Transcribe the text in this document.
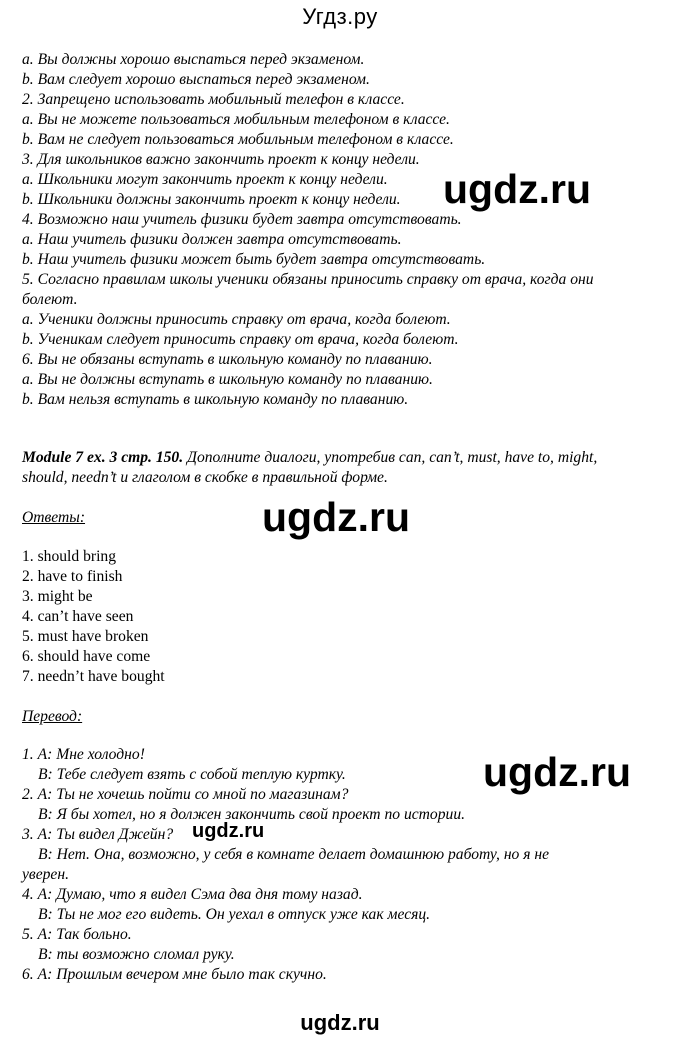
Угдз.ру
a. Вы должны хорошо выспаться перед экзаменом.
b. Вам следует хорошо выспаться перед экзаменом.
2. Запрещено использовать мобильный телефон в классе.
a. Вы не можете пользоваться мобильным телефоном в классе.
b. Вам не следует пользоваться мобильным телефоном в классе.
3. Для школьников важно закончить проект к концу недели.
a. Школьники могут закончить проект к концу недели.
b. Школьники должны закончить проект к концу недели.
4. Возможно наш учитель физики будет завтра отсутствовать.
a. Наш учитель физики должен завтра отсутствовать.
b. Наш учитель физики может быть будет завтра отсутствовать.
5. Согласно правилам школы ученики обязаны приносить справку от врача, когда они
болеют.
a. Ученики должны приносить справку от врача, когда болеют.
b. Ученикам следует приносить справку от врача, когда болеют.
6. Вы не обязаны вступать в школьную команду по плаванию.
a. Вы не должны вступать в школьную команду по плаванию.
b. Вам нельзя вступать в школьную команду по плаванию.
Module 7 ex. 3 стр. 150. Дополните диалоги, употребив can, can’t, must, have to, might,
should, needn’t и глаголом в скобке в правильной форме.
Ответы:
1. should bring
2. have to finish
3. might be
4. can’t have seen
5. must have broken
6. should have come
7. needn’t have bought
Перевод:
1. А: Мне холодно!
В: Тебе следует взять с собой теплую куртку.
2. А: Ты не хочешь пойти со мной по магазинам?
В: Я бы хотел, но я должен закончить свой проект по истории.
3. А: Ты видел Джейн?
В: Нет. Она, возможно, у себя в комнате делает домашнюю работу, но я не
уверен.
4. А: Думаю, что я видел Сэма два дня тому назад.
В: Ты не мог его видеть. Он уехал в отпуск уже как месяц.
5. А: Так больно.
В: ты возможно сломал руку.
6. А: Прошлым вечером мне было так скучно.
ugdz.ru
ugdz.ru
ugdz.ru
ugdz.ru
ugdz.ru
